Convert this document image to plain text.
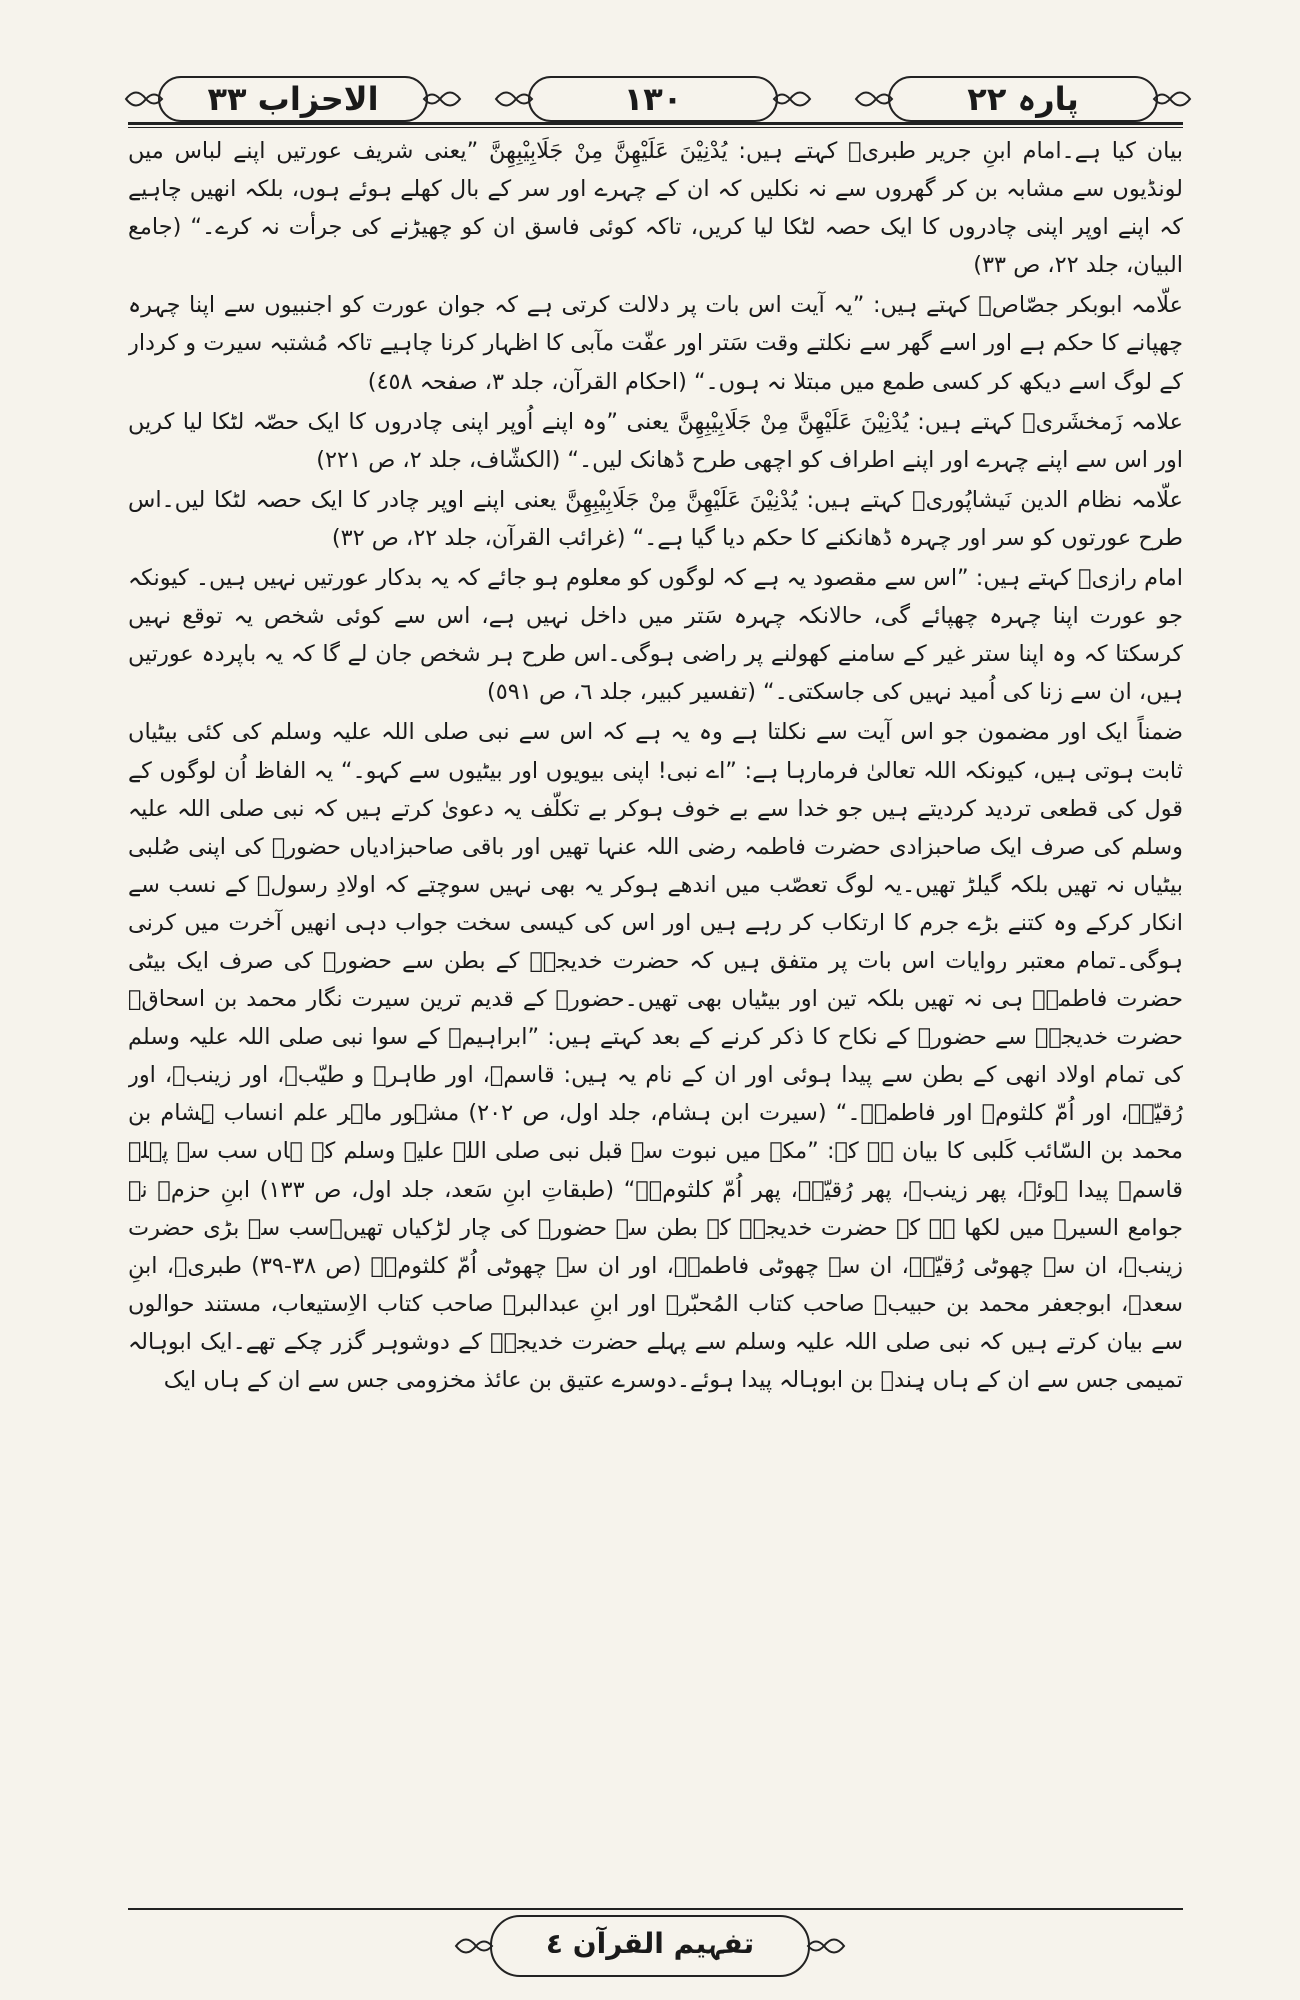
الاحزاب ٣٣	١٣٠	پارہ ٢٢

بیان کیا ہے۔امام ابنِ جریر طبریؒ کہتے ہیں: یُدْنِیْنَ عَلَیْهِنَّ مِنْ جَلَابِیْبِهِنَّ ”یعنی شریف عورتیں اپنے لباس میں لونڈیوں سے مشابہ بن کر گھروں سے نہ نکلیں کہ ان کے چہرے اور سر کے بال کھلے ہوئے ہوں، بلکہ انھیں چاہیے کہ اپنے اوپر اپنی چادروں کا ایک حصہ لٹکا لیا کریں، تاکہ کوئی فاسق ان کو چھیڑنے کی جرأت نہ کرے۔“ (جامع البیان، جلد ٢٢، ص ٣٣)

علّامہ ابوبکر جصّاصؒ کہتے ہیں: ”یہ آیت اس بات پر دلالت کرتی ہے کہ جوان عورت کو اجنبیوں سے اپنا چہرہ چھپانے کا حکم ہے اور اسے گھر سے نکلتے وقت سَتر اور عفّت مآبی کا اظہار کرنا چاہیے تاکہ مُشتبہ سیرت و کردار کے لوگ اسے دیکھ کر کسی طمع میں مبتلا نہ ہوں۔“ (احکام القرآن، جلد ٣، صفحہ ٤٥٨)

علامہ زَمخشَریؒ کہتے ہیں: یُدْنِیْنَ عَلَیْهِنَّ مِنْ جَلَابِیْبِهِنَّ یعنی ”وہ اپنے اُوپر اپنی چادروں کا ایک حصّہ لٹکا لیا کریں اور اس سے اپنے چہرے اور اپنے اطراف کو اچھی طرح ڈھانک لیں۔“ (الکشّاف، جلد ٢، ص ٢٢١)

علّامہ نظام الدین نَیشاپُوریؒ کہتے ہیں: یُدْنِیْنَ عَلَیْهِنَّ مِنْ جَلَابِیْبِهِنَّ یعنی اپنے اوپر چادر کا ایک حصہ لٹکا لیں۔اس طرح عورتوں کو سر اور چہرہ ڈھانکنے کا حکم دیا گیا ہے۔“ (غرائب القرآن، جلد ٢٢، ص ٣٢)

امام رازیؒ کہتے ہیں: ”اس سے مقصود یہ ہے کہ لوگوں کو معلوم ہو جائے کہ یہ بدکار عورتیں نہیں ہیں۔ کیونکہ جو عورت اپنا چہرہ چھپائے گی، حالانکہ چہرہ سَتر میں داخل نہیں ہے، اس سے کوئی شخص یہ توقع نہیں کرسکتا کہ وہ اپنا ستر غیر کے سامنے کھولنے پر راضی ہوگی۔اس طرح ہر شخص جان لے گا کہ یہ باپردہ عورتیں ہیں، ان سے زنا کی اُمید نہیں کی جاسکتی۔“ (تفسیر کبیر، جلد ٦، ص ٥٩١)

ضمناً ایک اور مضمون جو اس آیت سے نکلتا ہے وہ یہ ہے کہ اس سے نبی صلی اللہ علیہ وسلم کی کئی بیٹیاں ثابت ہوتی ہیں، کیونکہ اللہ تعالیٰ فرمارہا ہے: ”اے نبی! اپنی بیویوں اور بیٹیوں سے کہو۔“ یہ الفاظ اُن لوگوں کے قول کی قطعی تردید کردیتے ہیں جو خدا سے بے خوف ہوکر بے تکلّف یہ دعویٰ کرتے ہیں کہ نبی صلی اللہ علیہ وسلم کی صرف ایک صاحبزادی حضرت فاطمہ رضی اللہ عنہا تھیں اور باقی صاحبزادیاں حضورؐ کی اپنی صُلبی بیٹیاں نہ تھیں بلکہ گیلڑ تھیں۔یہ لوگ تعصّب میں اندھے ہوکر یہ بھی نہیں سوچتے کہ اولادِ رسولؐ کے نسب سے انکار کرکے وہ کتنے بڑے جرم کا ارتکاب کر رہے ہیں اور اس کی کیسی سخت جواب دہی انھیں آخرت میں کرنی ہوگی۔تمام معتبر روایات اس بات پر متفق ہیں کہ حضرت خدیجہؓ کے بطن سے حضورؐ کی صرف ایک بیٹی حضرت فاطمہؓ ہی نہ تھیں بلکہ تین اور بیٹیاں بھی تھیں۔حضورؐ کے قدیم ترین سیرت نگار محمد بن اسحاقؒ حضرت خدیجہؓ سے حضورؐ کے نکاح کا ذکر کرنے کے بعد کہتے ہیں: ”ابراہیمؑ کے سوا نبی صلی اللہ علیہ وسلم کی تمام اولاد انھی کے بطن سے پیدا ہوئی اور ان کے نام یہ ہیں: قاسمؓ، اور طاہرؓ و طیّبؓ، اور زینبؓ، اور رُقیّہؓ، اور اُمّ کلثومؓ اور فاطمہؓ۔“ (سیرت ابن ہشام، جلد اول، ص ٢٠٢) مشہور ماہر علم انساب ہِشام بن محمد بن السّائب کَلبی کا بیان ہے کہ: ”مکہ میں نبوت سے قبل نبی صلی اللہ علیہ وسلم کے ہاں سب سے پہلے قاسمؓ پیدا ہوئے، پھر زینبؓ، پھر رُقیّہؓ، پھر اُمّ کلثومؓ۔“ (طبقاتِ ابنِ سَعد، جلد اول، ص ١٣٣) ابنِ حزمؒ نے جوامع السیرۃ میں لکھا ہے کہ حضرت خدیجہؓ کے بطن سے حضورؐ کی چار لڑکیاں تھیں۔سب سے بڑی حضرت زینبؓ، ان سے چھوٹی رُقیّہؓ، ان سے چھوٹی فاطمہؓ، اور ان سے چھوٹی اُمّ کلثومؓ۔ (ص ٣٨-٣٩) طبریؒ، ابنِ سعدؒ، ابوجعفر محمد بن حبیبؒ صاحب کتاب المُحبّرؒ اور ابنِ عبدالبرؒ صاحب کتاب الاِستیعاب، مستند حوالوں سے بیان کرتے ہیں کہ نبی صلی اللہ علیہ وسلم سے پہلے حضرت خدیجہؓ کے دوشوہر گزر چکے تھے۔ایک ابوہالہ تمیمی جس سے ان کے ہاں ہِندؓ بن ابوہالہ پیدا ہوئے۔دوسرے عتیق بن عائذ مخزومی جس سے ان کے ہاں ایک

تفہیم القرآن ٤
